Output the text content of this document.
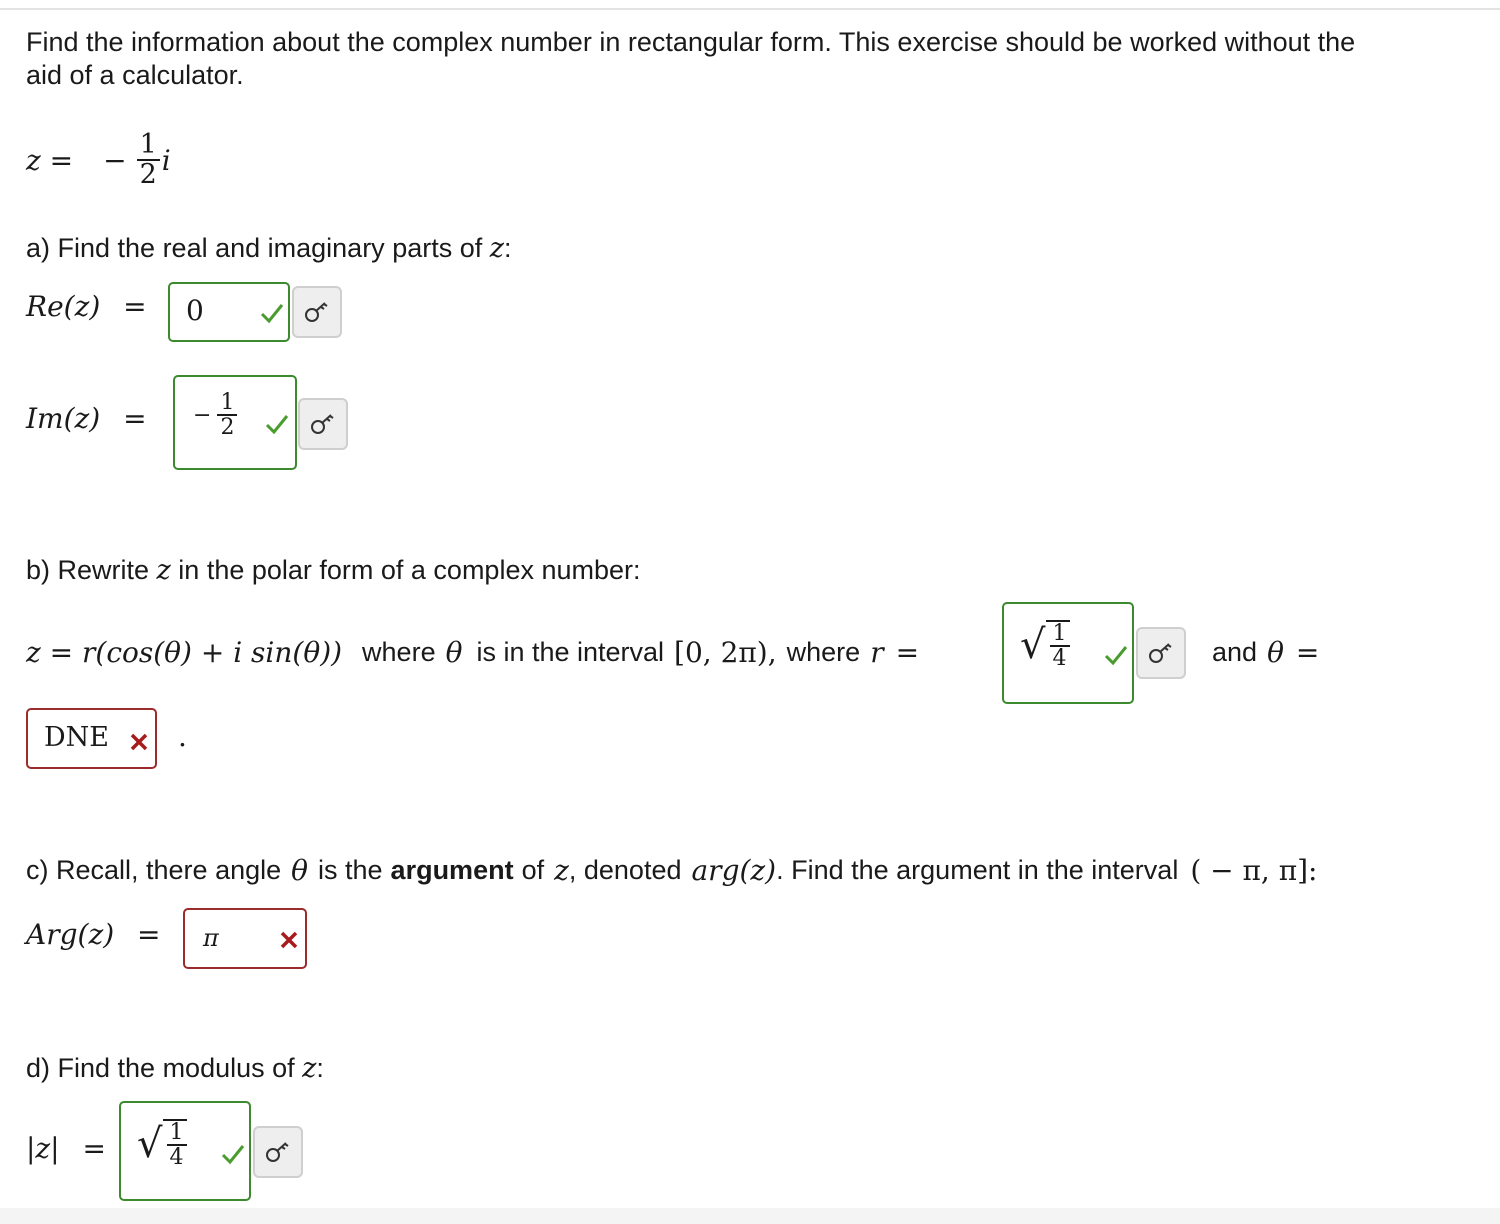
Find the information about the complex number in rectangular form. This exercise should be worked without the aid of a calculator.
z = − $\frac{1}{2}$ i
a) Find the real and imaginary parts of z:
Re(z) = 0
Im(z) = − $\frac{1}{2}$
b) Rewrite z in the polar form of a complex number:
z = r(cos(θ) + i sin(θ)) where θ is in the interval [0, 2π), where r =	√ $\frac{1}{4}$	and θ =
DNE .
c) Recall, there angle θ is the argument of z , denoted arg(z) . Find the argument in the interval ( − π, π]:
Arg(z) = π
d) Find the modulus of z:
|z| = √ $\frac{1}{4}$
